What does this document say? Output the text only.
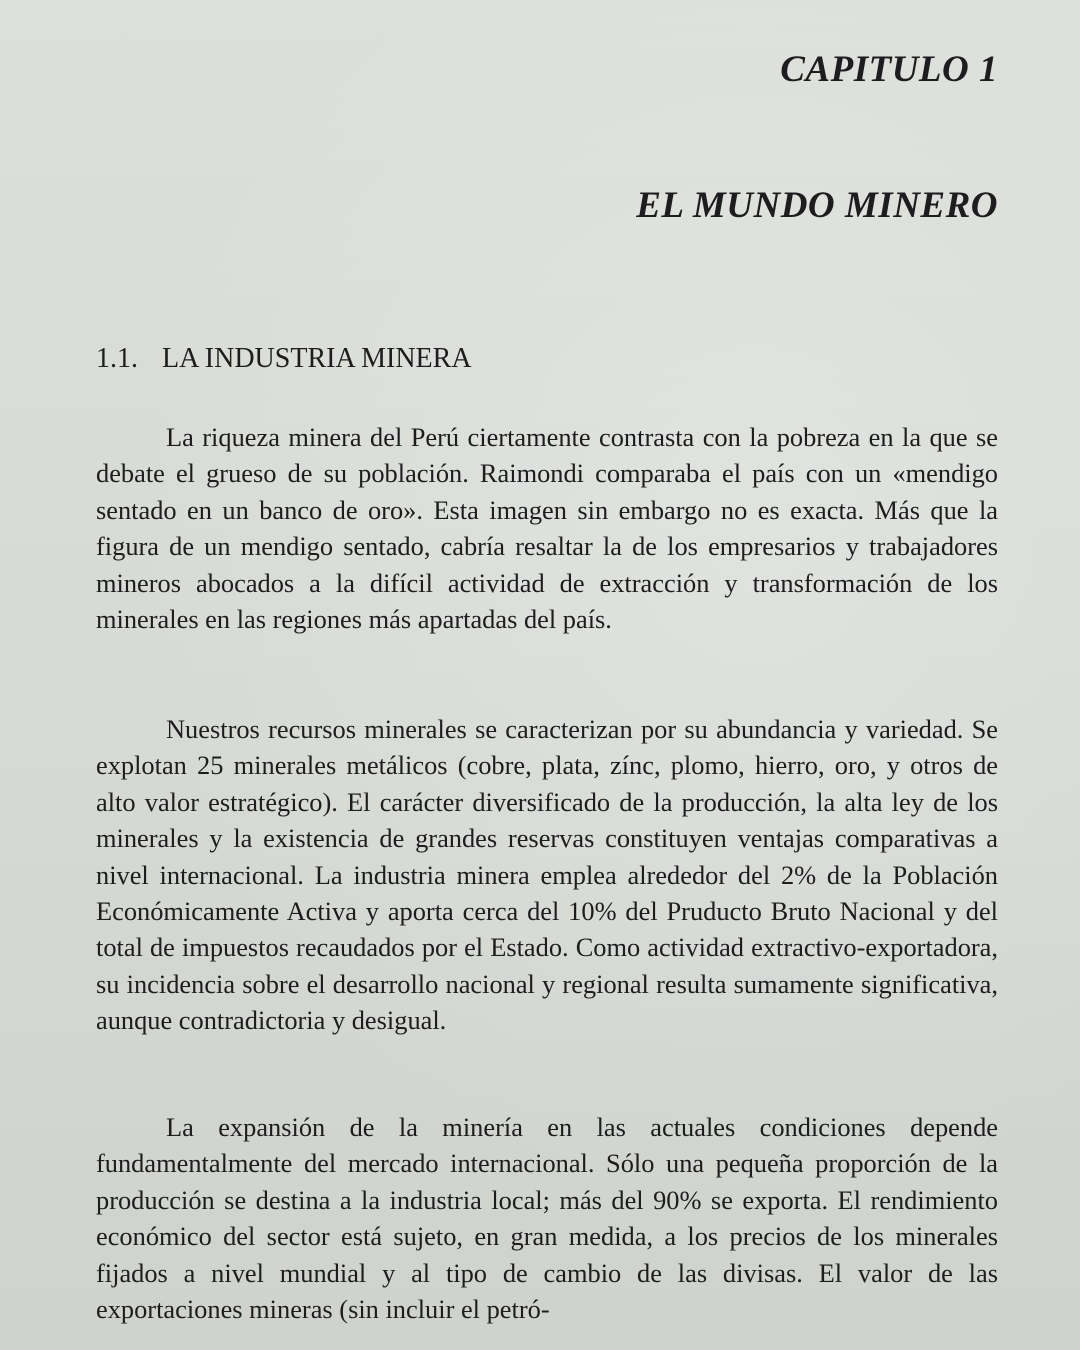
CAPITULO 1
EL MUNDO MINERO
1.1. LA INDUSTRIA MINERA

La riqueza minera del Perú ciertamente contrasta con la pobreza en la que se debate el grueso de su población. Raimondi comparaba el país con un «mendigo sentado en un banco de oro». Esta imagen sin embargo no es exacta. Más que la figura de un mendigo sentado, cabría resaltar la de los empresarios y trabajadores mineros abocados a la difícil actividad de extracción y transformación de los minerales en las regiones más apartadas del país.

Nuestros recursos minerales se caracterizan por su abundancia y variedad. Se explotan 25 minerales metálicos (cobre, plata, zínc, plomo, hierro, oro, y otros de alto valor estratégico). El carácter diversificado de la producción, la alta ley de los minerales y la existencia de grandes reservas constituyen ventajas comparativas a nivel internacional. La industria minera emplea alrededor del 2% de la Población Económicamente Activa y aporta cerca del 10% del Pruducto Bruto Nacional y del total de impuestos recaudados por el Estado. Como actividad extractivo-exportadora, su incidencia sobre el desarrollo nacional y regional resulta sumamente significativa, aunque contradictoria y desigual.

La expansión de la minería en las actuales condiciones depende fundamentalmente del mercado internacional. Sólo una pequeña proporción de la producción se destina a la industria local; más del 90% se exporta. El rendimiento económico del sector está sujeto, en gran medida, a los precios de los minerales fijados a nivel mundial y al tipo de cambio de las divisas. El valor de las exportaciones mineras (sin incluir el petró-
